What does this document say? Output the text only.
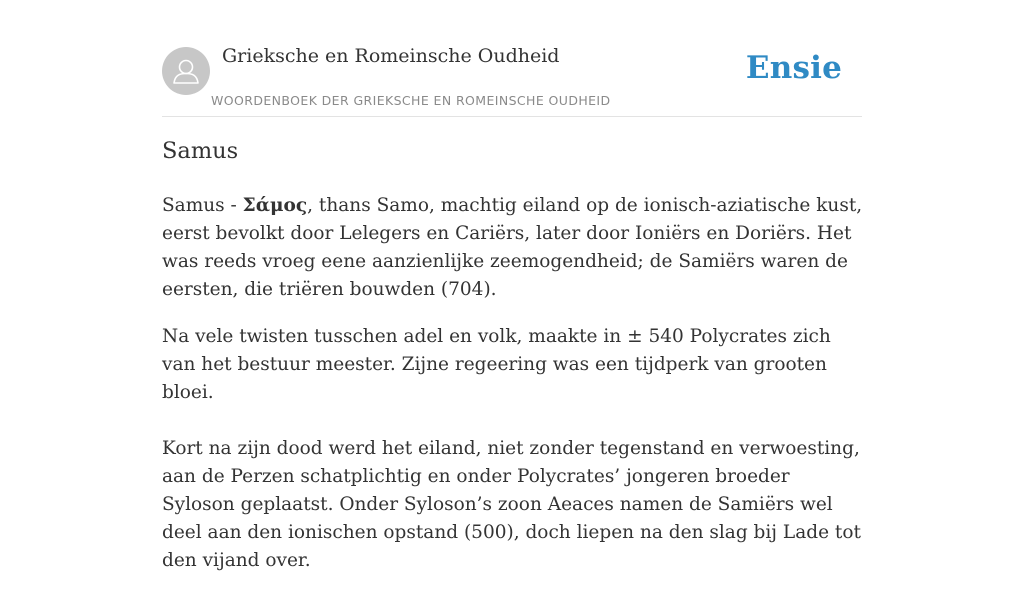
Grieksche en Romeinsche Oudheid
WOORDENBOEK DER GRIEKSCHE EN ROMEINSCHE OUDHEID
Ensie
Samus

Samus - Σάμος, thans Samo, machtig eiland op de ionisch-aziatische kust, eerst bevolkt door Lelegers en Cariërs, later door Ioniërs en Doriërs. Het was reeds vroeg eene aanzienlijke zeemogendheid; de Samiërs waren de eersten, die triëren bouwden (704).

Na vele twisten tusschen adel en volk, maakte in ± 540 Polycrates zich van het bestuur meester. Zijne regeering was een tijdperk van grooten bloei.

Kort na zijn dood werd het eiland, niet zonder tegenstand en verwoesting, aan de Perzen schatplichtig en onder Polycrates’ jongeren broeder Syloson geplaatst. Onder Syloson’s zoon Aeaces namen de Samiërs wel deel aan den ionischen opstand (500), doch liepen na den slag bij Lade tot den vijand over.
